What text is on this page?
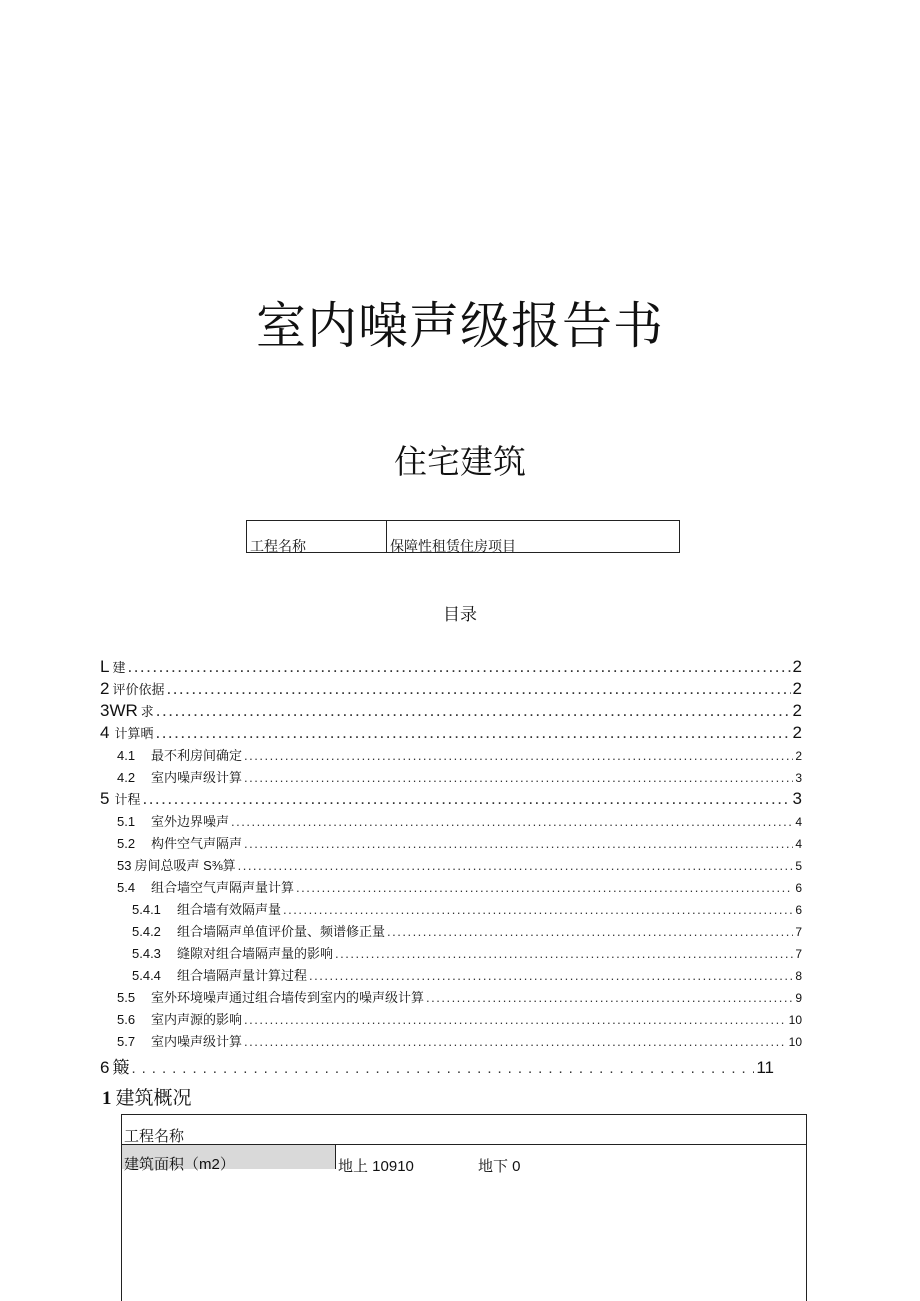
室内噪声级报告书
住宅建筑
工程名称	保障性租赁住房项目
目录
L 建 .....	2
2 评价依据 .....	2
3WR 求 .....	2
4 计算晒 .....	2
4.1	最不利房间确定 .....	2
4.2	室内噪声级计算 .....	3
5 计程 .....	3
5.1	室外边界噪声 .....	4
5.2	构件空气声隔声 .....	4
53 房间总吸声 S⅜算 .....	5
5.4	组合墙空气声隔声量计算 .....	6
5.4.1	组合墙有效隔声量 .....	6
5.4.2	组合墙隔声单值评价量、频谱修正量 .....	7
5.4.3	缝隙对组合墙隔声量的影响 .....	7
5.4.4	组合墙隔声量计算过程 .....	8
5.5	室外环境噪声通过组合墙传到室内的噪声级计算 .....	9
5.6	室内声源的影响 .....	10
5.7	室内噪声级计算 .....	10
6 簸 .....	11
1 建筑概况
工程名称
建筑面积（m2）	地上 10910	地下 0
